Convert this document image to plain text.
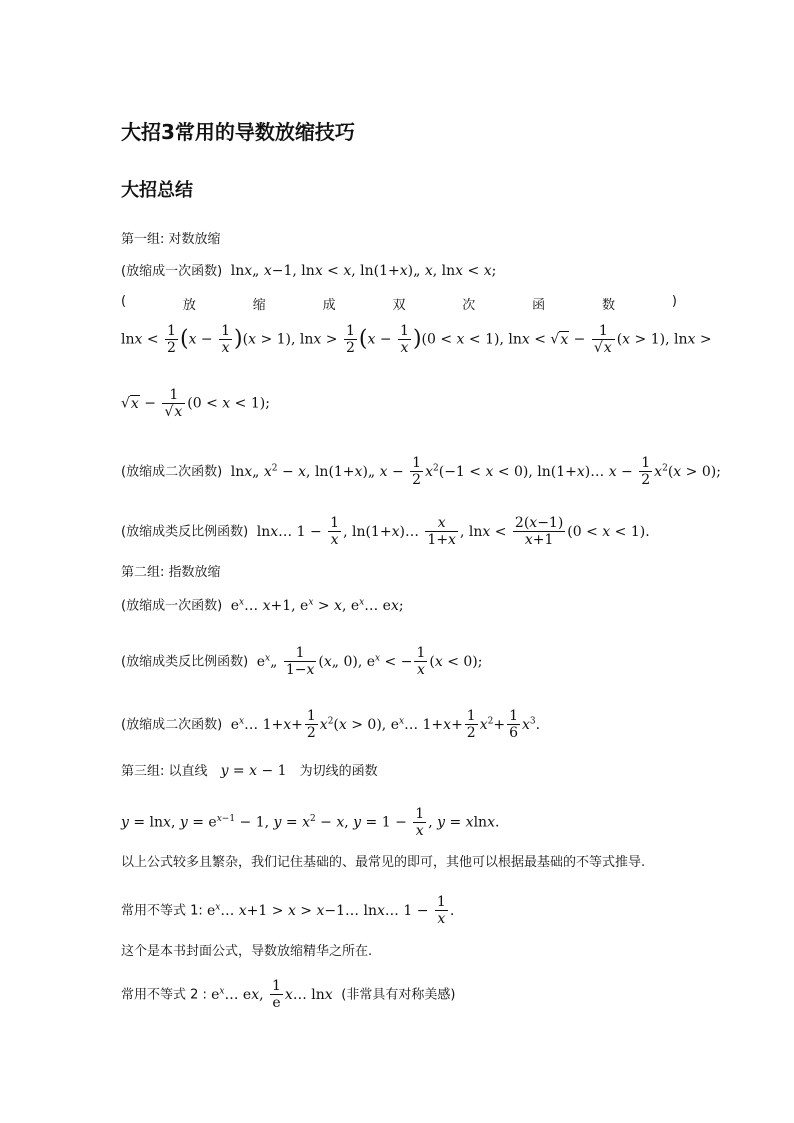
大招3常用的导数放缩技巧
大招总结
第一组: 对数放缩
(放缩成一次函数)  lnx„ x−1, lnx < x, ln(1+x)„ x, lnx < x;
(	放	缩	成	双	次	函	数	)
$\ln x < \frac{1}{2} (x - \frac{1}{x} )(x > 1)$, $\ln x > \frac{1}{2} (x - \frac{1}{x} )(0 < x < 1)$, $\ln x < √x - \frac{1}{√x} (x > 1)$, lnx >
$√x - \frac{1}{√x} (0 < x < 1)$;
(放缩成二次函数)  lnx„ $x^2 - x$, ln(1+x)„ $x - \frac{1}{2} x^2(-1 < x < 0)$, ln(1+x)… $x - \frac{1}{2} x^2(x > 0)$;
(放缩成类反比例函数)  lnx… $1 - \frac{1}{x}$ , ln(1+x)… $\frac{x}{1+x}$ , $\ln x < \frac{2(x-1)}{x+1} (0 < x < 1)$.
第二组: 指数放缩
(放缩成一次函数)  $e^x\dots$ x+1, $e^x > x$, $e^x\dots$ ex;
(放缩成类反比例函数)  $e^x„ \frac{1}{1-x}$ (x„ 0), $e^x$ < − $\frac{1}{x} (x < 0)$;
(放缩成二次函数)  $e^x\dots$ $1+x+ \frac{1}{2} x^2(x > 0)$, $e^x\dots$ $1+x+ \frac{1}{2} x^2+ \frac{1}{6} x^3$.
第三组: 以直线 y = x − 1   为切线的函数
y = lnx, $y = e^{x-1} - 1$, $y = x^2 - x$, $y = 1 - \frac{1}{x}$ , y = xlnx.
以上公式较多且繁杂，我们记住基础的、最常见的即可，其他可以根据最基础的不等式推导.
常用不等式 1: $e^x\dots$ x+1 > x > x−1… lnx… $1 - \frac{1}{x}$ .
这个是本书封面公式，导数放缩精华之所在.
常用不等式 2 : $e^x\dots$ ex, $\frac{1}{e}$ x… lnx (非常具有对称美感)
